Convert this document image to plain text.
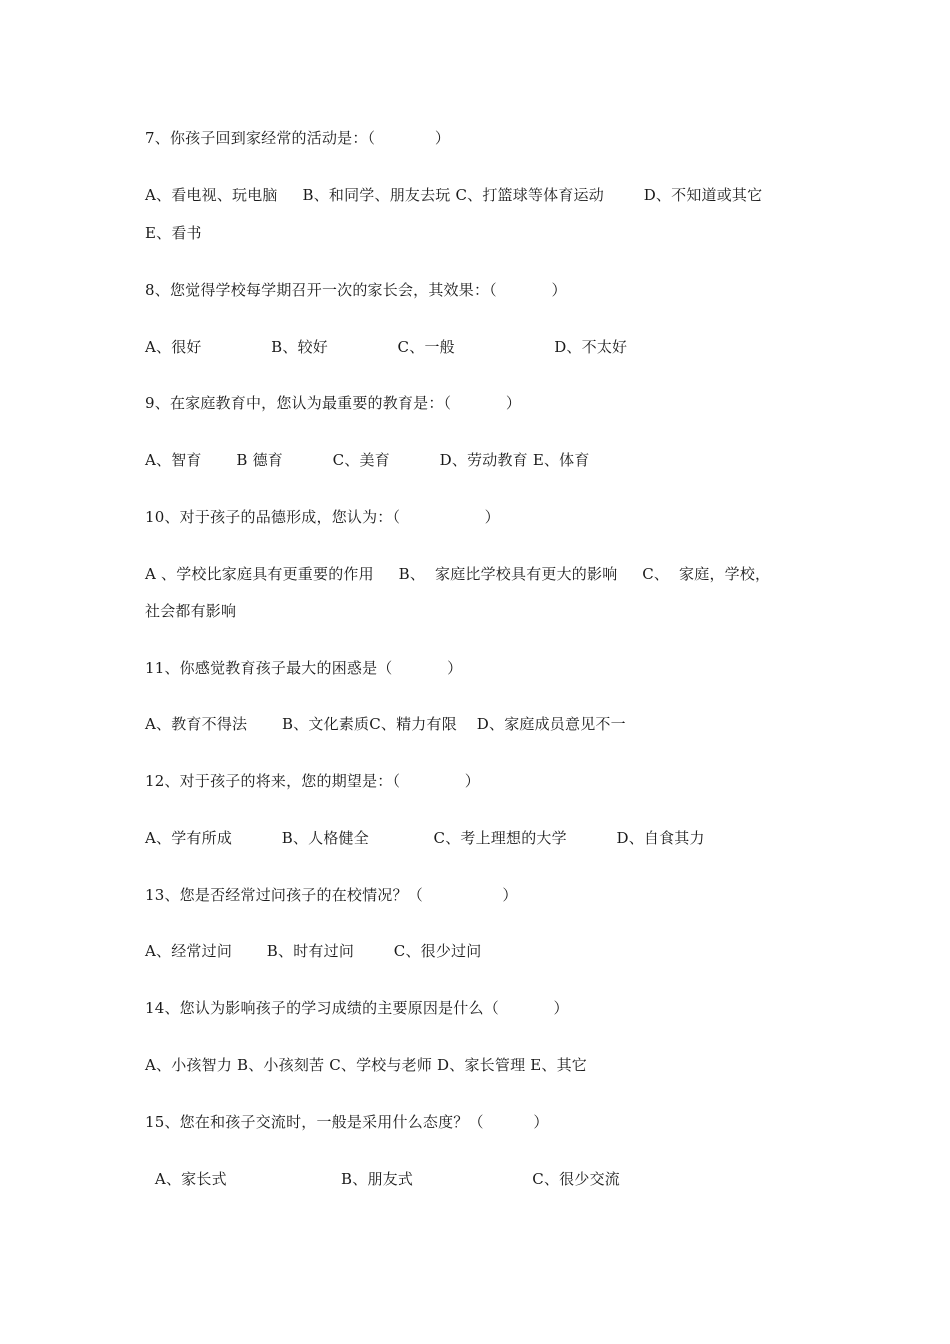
7、你孩子回到家经常的活动是：（            ）
A、看电视、玩电脑     B、和同学、朋友去玩 C、打篮球等体育运动        D、不知道或其它
E、看书
8、您觉得学校每学期召开一次的家长会，其效果：（           ）
A、很好              B、较好              C、一般                    D、不太好
9、在家庭教育中，您认为最重要的教育是：（           ）
A、智育       B 德育          C、美育          D、劳动教育 E、体育
10、对于孩子的品德形成，您认为：（                 ）
A 、学校比家庭具有更重要的作用     B、  家庭比学校具有更大的影响     C、  家庭，学校，
社会都有影响
11、你感觉教育孩子最大的困惑是（           ）
A、教育不得法       B、文化素质C、精力有限    D、家庭成员意见不一
12、对于孩子的将来，您的期望是：（             ）
A、学有所成          B、人格健全             C、考上理想的大学          D、自食其力
13、您是否经常过问孩子的在校情况？（                ）
A、经常过问       B、时有过问        C、很少过问
14、您认为影响孩子的学习成绩的主要原因是什么（           ）
A、小孩智力 B、小孩刻苦 C、学校与老师 D、家长管理 E、其它
15、您在和孩子交流时，一般是采用什么态度？（          ）
A、家长式                       B、朋友式                        C、很少交流
